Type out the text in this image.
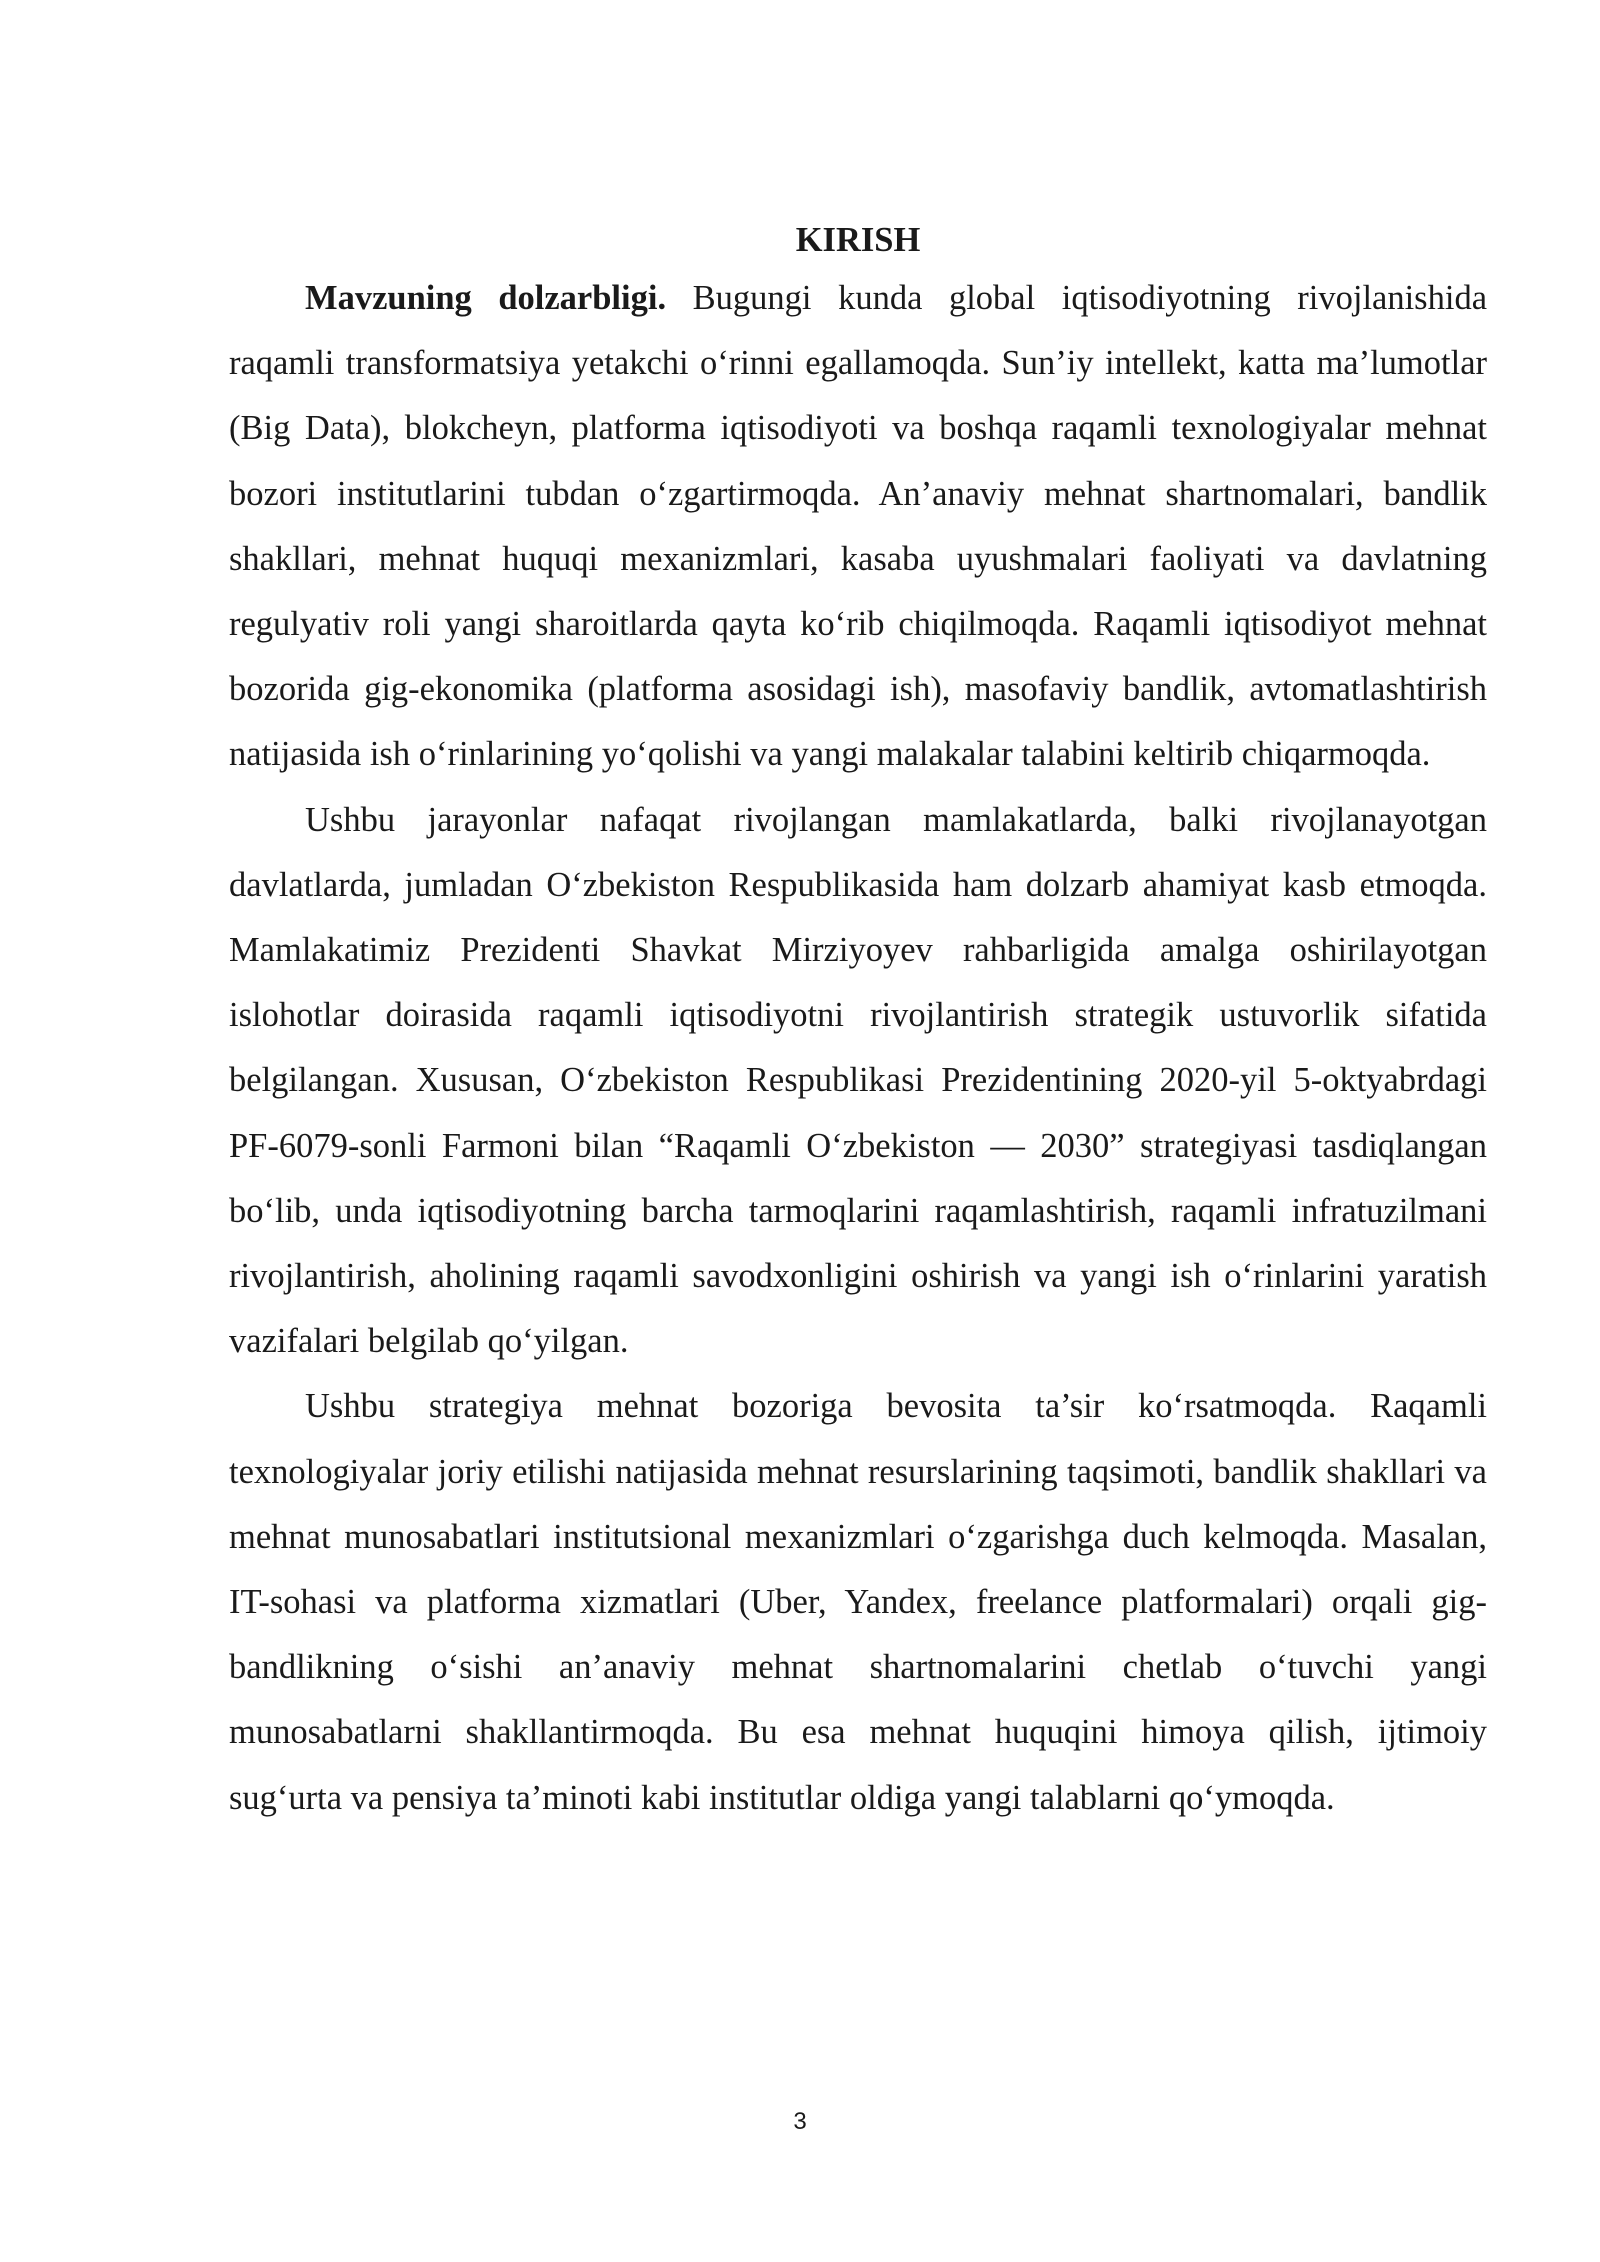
KIRISH

Mavzuning dolzarbligi. Bugungi kunda global iqtisodiyotning rivojlanishida raqamli transformatsiya yetakchi o‘rinni egallamoqda. Sun’iy intellekt, katta ma’lumotlar (Big Data), blokcheyn, platforma iqtisodiyoti va boshqa raqamli texnologiyalar mehnat bozori institutlarini tubdan o‘zgartirmoqda. An’anaviy mehnat shartnomalari, bandlik shakllari, mehnat huquqi mexanizmlari, kasaba uyushmalari faoliyati va davlatning regulyativ roli yangi sharoitlarda qayta ko‘rib chiqilmoqda. Raqamli iqtisodiyot mehnat bozorida gig-ekonomika (platforma asosidagi ish), masofaviy bandlik, avtomatlashtirish natijasida ish o‘rinlarining yo‘qolishi va yangi malakalar talabini keltirib chiqarmoqda.

Ushbu jarayonlar nafaqat rivojlangan mamlakatlarda, balki rivojlanayotgan davlatlarda, jumladan O‘zbekiston Respublikasida ham dolzarb ahamiyat kasb etmoqda. Mamlakatimiz Prezidenti Shavkat Mirziyoyev rahbarligida amalga oshirilayotgan islohotlar doirasida raqamli iqtisodiyotni rivojlantirish strategik ustuvorlik sifatida belgilangan. Xususan, O‘zbekiston Respublikasi Prezidentining 2020-yil 5-oktyabrdagi PF-6079-sonli Farmoni bilan “Raqamli O‘zbekiston — 2030” strategiyasi tasdiqlangan bo‘lib, unda iqtisodiyotning barcha tarmoqlarini raqamlashtirish, raqamli infratuzilmani rivojlantirish, aholining raqamli savodxonligini oshirish va yangi ish o‘rinlarini yaratish vazifalari belgilab qo‘yilgan.

Ushbu strategiya mehnat bozoriga bevosita ta’sir ko‘rsatmoqda. Raqamli texnologiyalar joriy etilishi natijasida mehnat resurslarining taqsimoti, bandlik shakllari va mehnat munosabatlari institutsional mexanizmlari o‘zgarishga duch kelmoqda. Masalan, IT-sohasi va platforma xizmatlari (Uber, Yandex, freelance platformalari) orqali gig-bandlikning o‘sishi an’anaviy mehnat shartnomalarini chetlab o‘tuvchi yangi munosabatlarni shakllantirmoqda. Bu esa mehnat huquqini himoya qilish, ijtimoiy sug‘urta va pensiya ta’minoti kabi institutlar oldiga yangi talablarni qo‘ymoqda.

3
